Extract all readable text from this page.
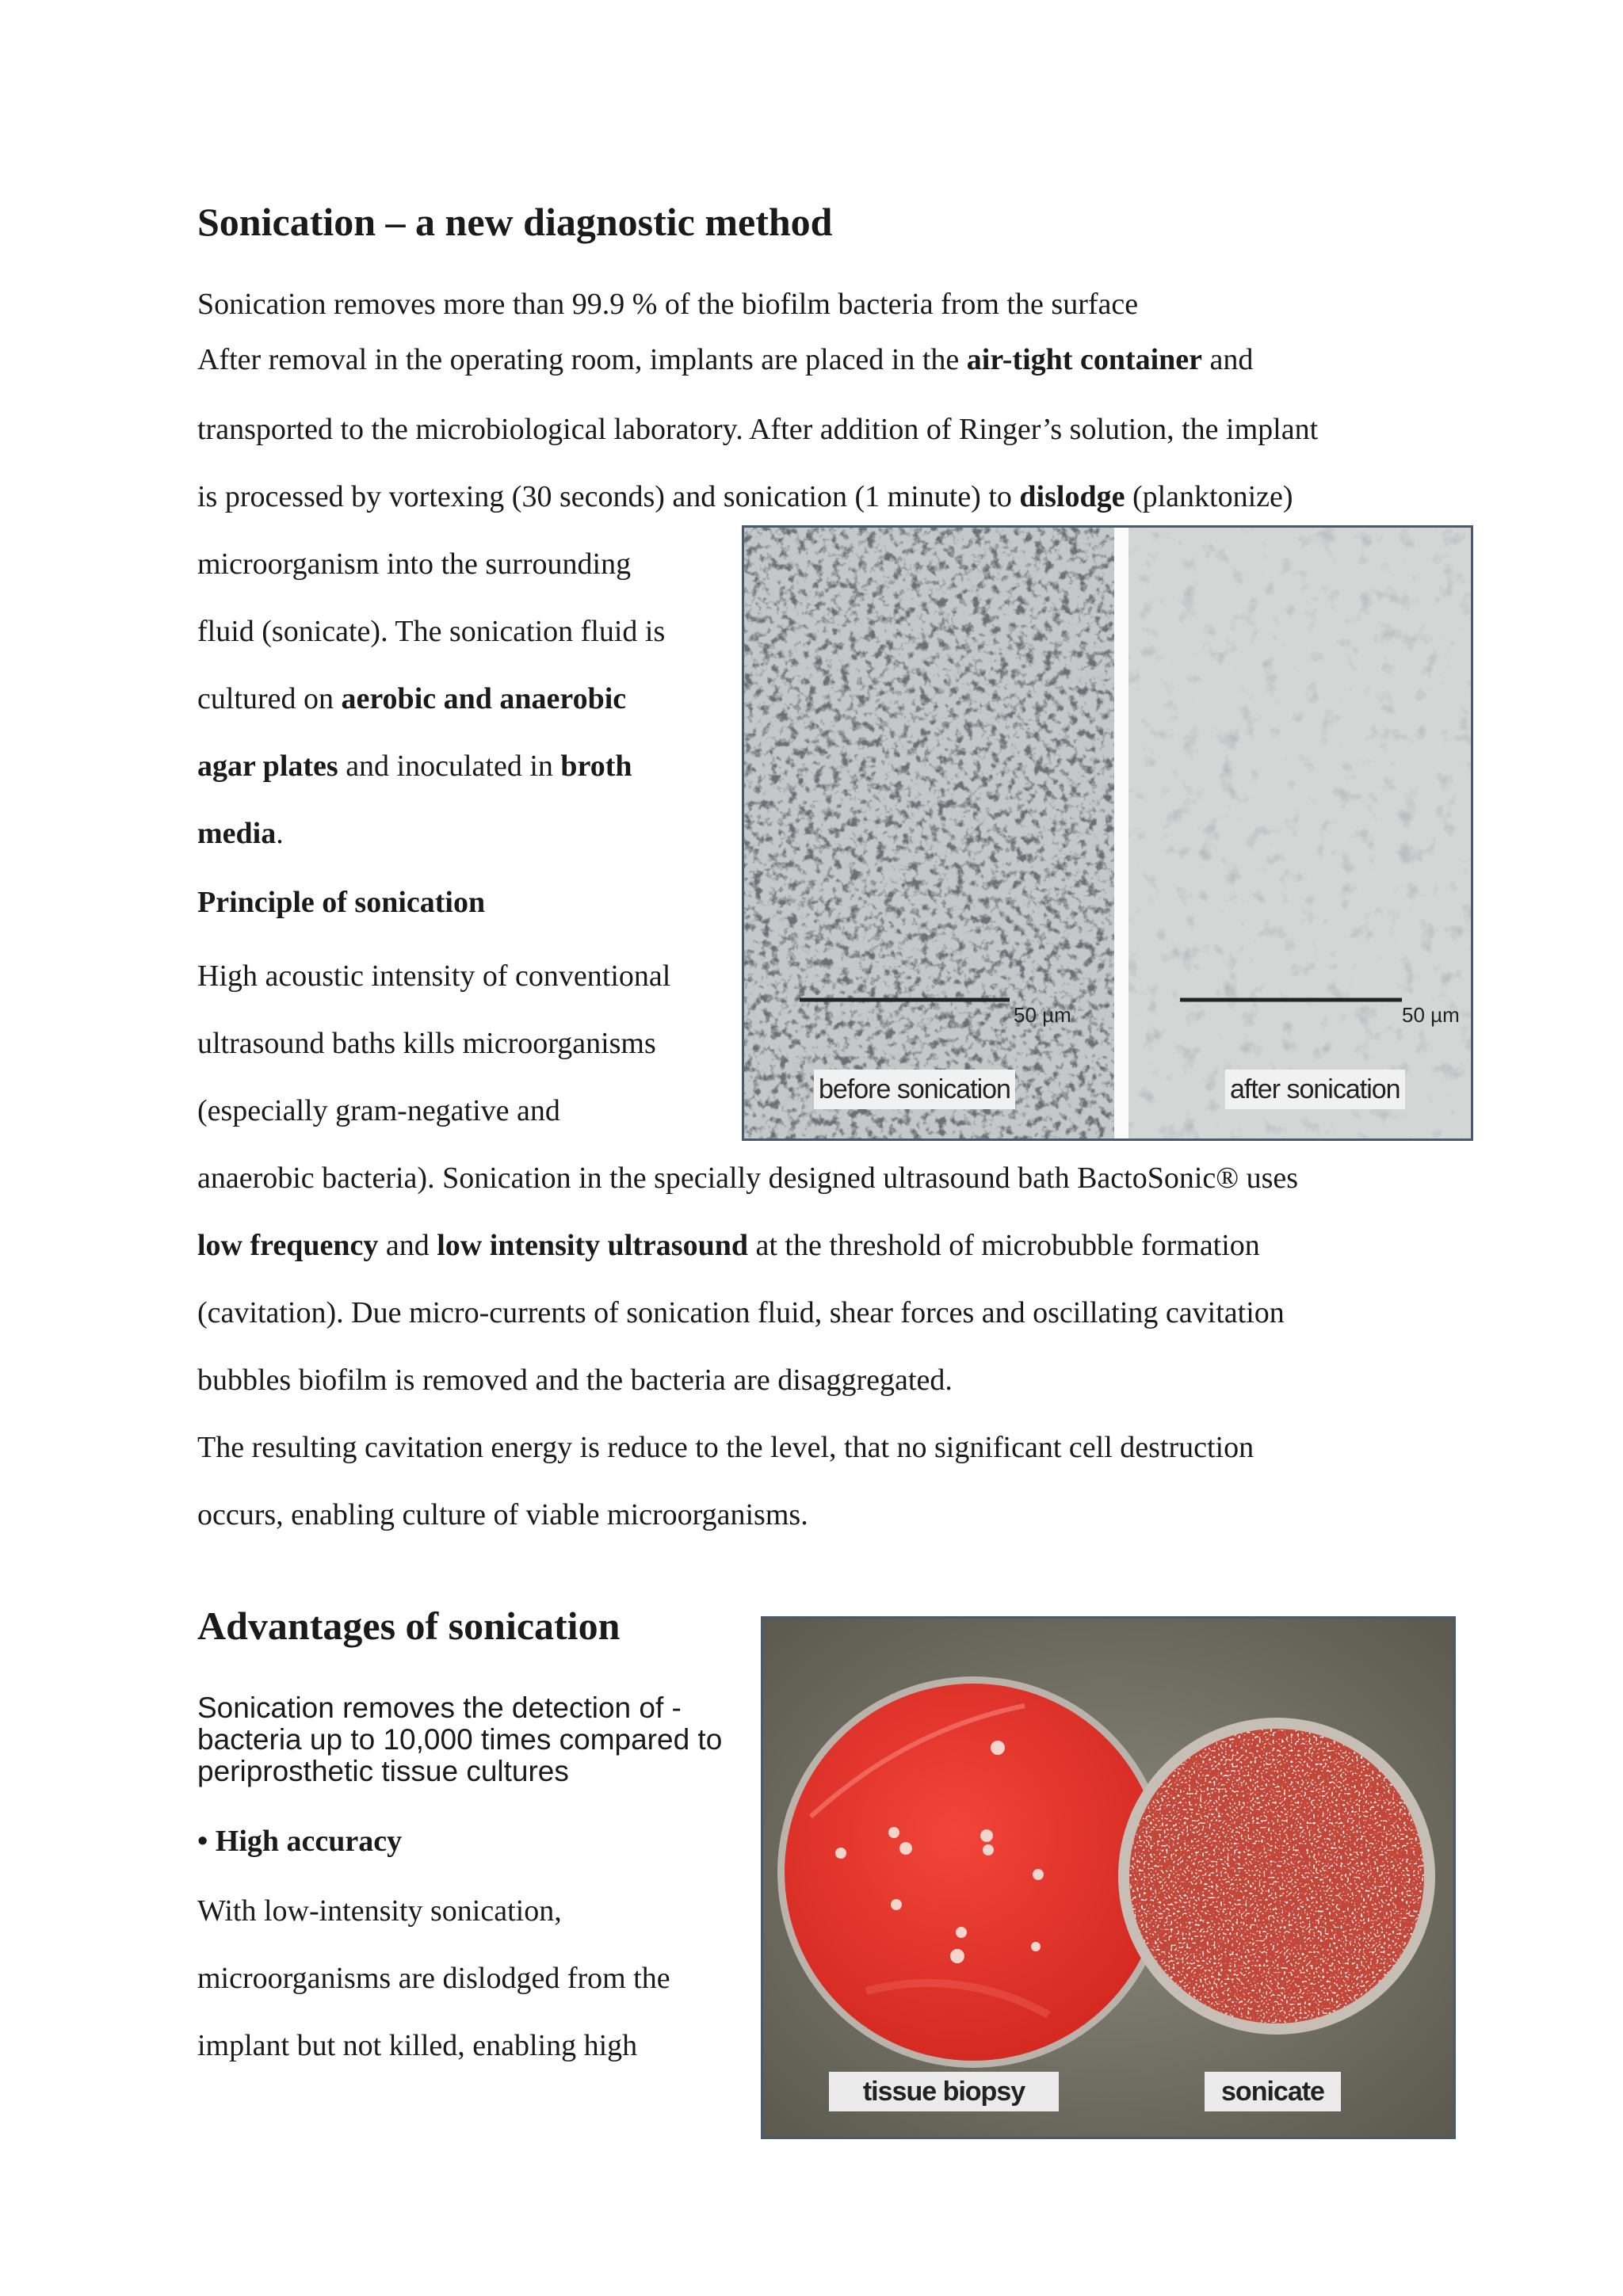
Sonication – a new diagnostic method
Sonication removes more than 99.9 % of the biofilm bacteria from the surface
After removal in the operating room, implants are placed in the air-tight container and
transported to the microbiological laboratory. After addition of Ringer’s solution, the implant
is processed by vortexing (30 seconds) and sonication (1 minute) to dislodge (planktonize)
microorganism into the surrounding
fluid (sonicate). The sonication fluid is
cultured on aerobic and anaerobic
agar plates and inoculated in broth
media.
Principle of sonication
High acoustic intensity of conventional
ultrasound baths kills microorganisms
(especially gram-negative and
anaerobic bacteria). Sonication in the specially designed ultrasound bath BactoSonic® uses
low frequency and low intensity ultrasound at the threshold of microbubble formation
(cavitation). Due micro-currents of sonication fluid, shear forces and oscillating cavitation
bubbles biofilm is removed and the bacteria are disaggregated.
The resulting cavitation energy is reduce to the level, that no significant cell destruction
occurs, enabling culture of viable microorganisms.
50 µm	50 µm
before sonication	after sonication
Advantages of sonication
Sonication removes the detection of -
bacteria up to 10,000 times compared to
periprosthetic tissue cultures
• High accuracy
With low-intensity sonication,
microorganisms are dislodged from the
implant but not killed, enabling high
tissue biopsy	sonicate
